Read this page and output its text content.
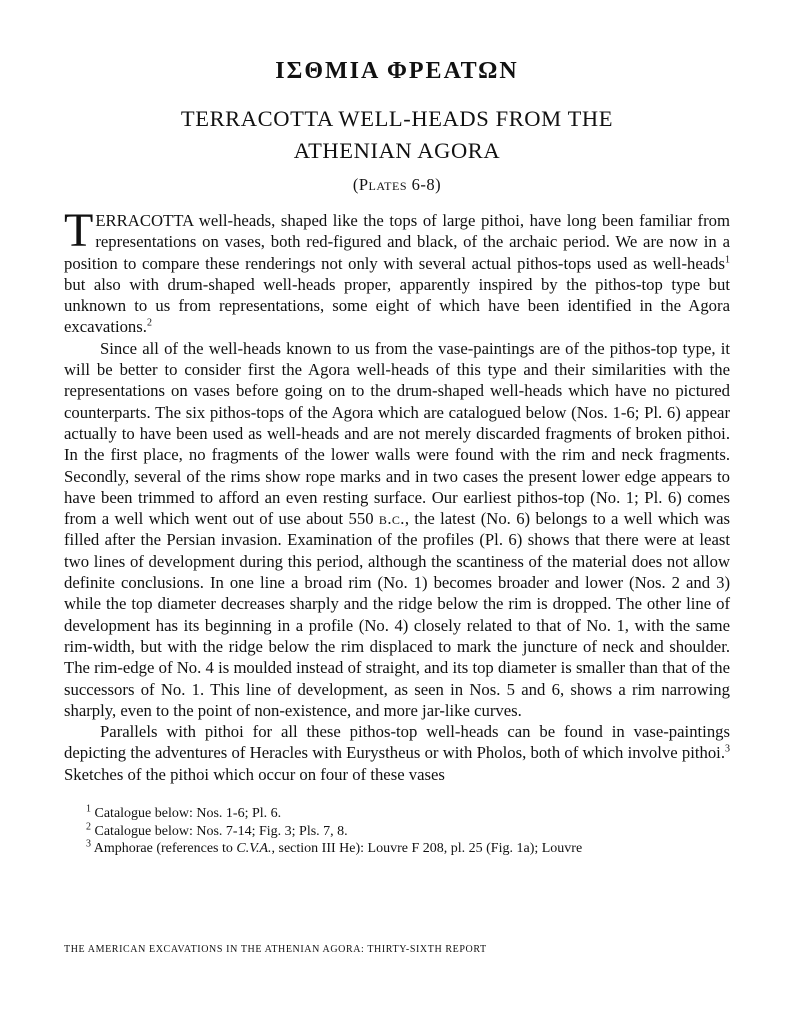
ΙΣΘΜΙΑ ΦΡΕΑΤΩΝ
TERRACOTTA WELL-HEADS FROM THE
ATHENIAN AGORA
(Plates 6-8)

TERRACOTTA well-heads, shaped like the tops of large pithoi, have long been familiar from representations on vases, both red-figured and black, of the archaic period. We are now in a position to compare these renderings not only with several actual pithos-tops used as well-heads$^1$ but also with drum-shaped well-heads proper, apparently inspired by the pithos-top type but unknown to us from representations, some eight of which have been identified in the Agora excavations.$^2$

Since all of the well-heads known to us from the vase-paintings are of the pithos-top type, it will be better to consider first the Agora well-heads of this type and their similarities with the representations on vases before going on to the drum-shaped well-heads which have no pictured counterparts. The six pithos-tops of the Agora which are catalogued below (Nos. 1-6; Pl. 6) appear actually to have been used as well-heads and are not merely discarded fragments of broken pithoi. In the first place, no fragments of the lower walls were found with the rim and neck fragments. Secondly, several of the rims show rope marks and in two cases the present lower edge appears to have been trimmed to afford an even resting surface. Our earliest pithos-top (No. 1; Pl. 6) comes from a well which went out of use about 550 b.c., the latest (No. 6) belongs to a well which was filled after the Persian invasion. Examination of the profiles (Pl. 6) shows that there were at least two lines of development during this period, although the scantiness of the material does not allow definite conclusions. In one line a broad rim (No. 1) becomes broader and lower (Nos. 2 and 3) while the top diameter decreases sharply and the ridge below the rim is dropped. The other line of development has its beginning in a profile (No. 4) closely related to that of No. 1, with the same rim-width, but with the ridge below the rim displaced to mark the juncture of neck and shoulder. The rim-edge of No. 4 is moulded instead of straight, and its top diameter is smaller than that of the successors of No. 1. This line of development, as seen in Nos. 5 and 6, shows a rim narrowing sharply, even to the point of non-existence, and more jar-like curves.

Parallels with pithoi for all these pithos-top well-heads can be found in vase-paintings depicting the adventures of Heracles with Eurystheus or with Pholos, both of which involve pithoi.$^3$ Sketches of the pithoi which occur on four of these vases

$^1$ Catalogue below: Nos. 1-6; Pl. 6.

$^2$ Catalogue below: Nos. 7-14; Fig. 3; Pls. 7, 8.

$^3$ Amphorae (references to C.V.A., section III He): Louvre F 208, pl. 25 (Fig. 1a); Louvre

THE AMERICAN EXCAVATIONS IN THE ATHENIAN AGORA: THIRTY-SIXTH REPORT
